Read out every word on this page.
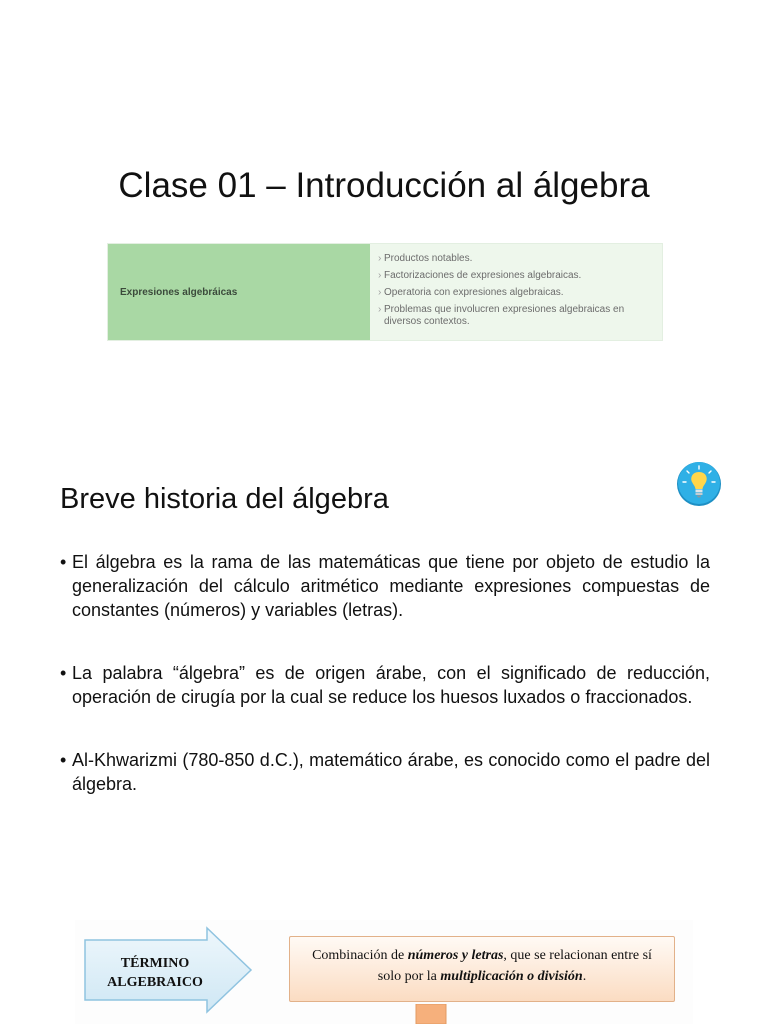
Clase 01 – Introducción al álgebra
Expresiones algebráicas
› Productos notables.
› Factorizaciones de expresiones algebraicas.
› Operatoria con expresiones algebraicas.
› Problemas que involucren expresiones algebraicas en diversos contextos.
Breve historia del álgebra
• El álgebra es la rama de las matemáticas que tiene por objeto de estudio la generalización del cálculo aritmético mediante expresiones compuestas de constantes (números) y variables (letras).
• La palabra “álgebra” es de origen árabe, con el significado de reducción, operación de cirugía por la cual se reduce los huesos luxados o fraccionados.
• Al-Khwarizmi (780-850 d.C.), matemático árabe, es conocido como el padre del álgebra.
TÉRMINO
ALGEBRAICO
Combinación de números y letras, que se relacionan entre sí solo por la multiplicación o división.
